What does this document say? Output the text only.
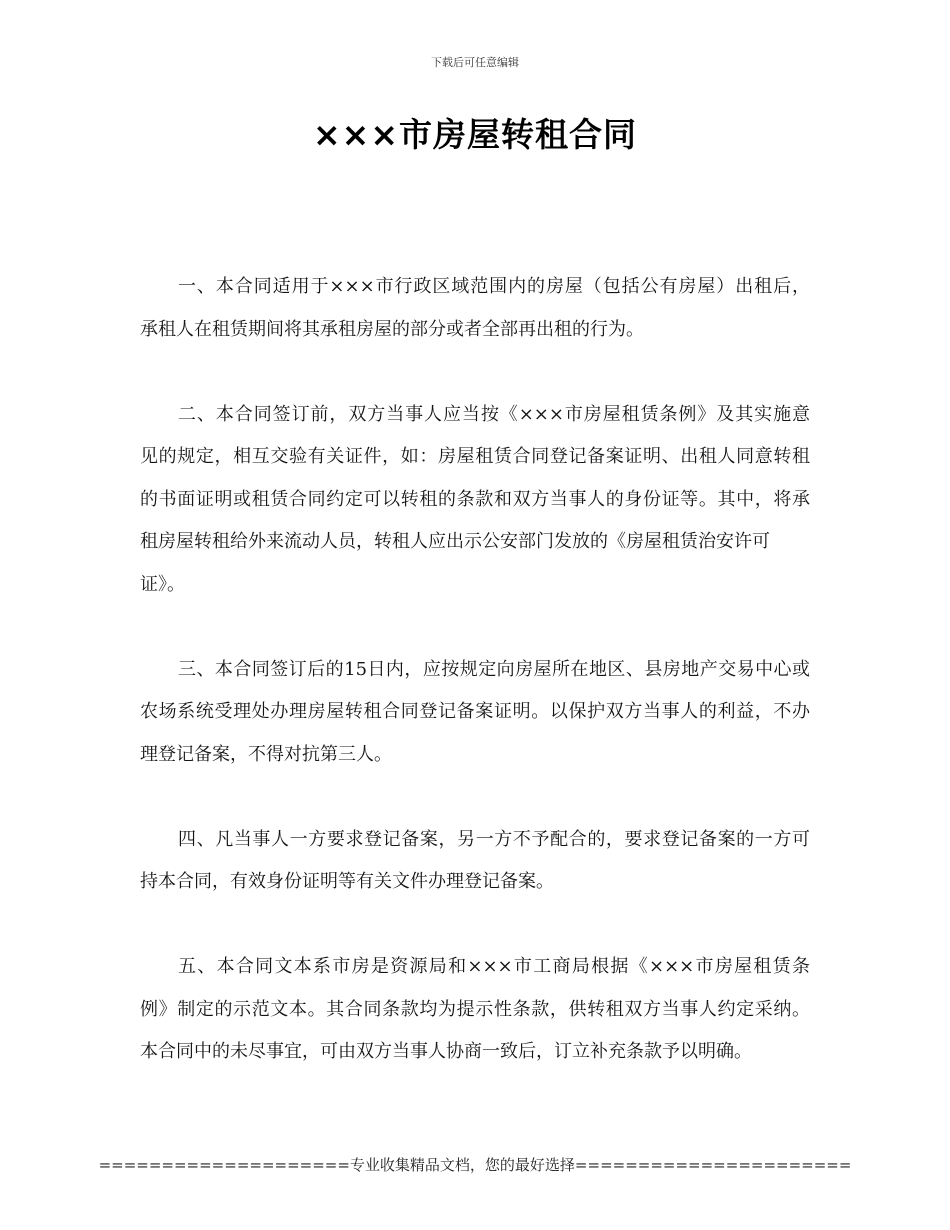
下载后可任意编辑
×××市房屋转租合同
一、本合同适用于×××市行政区域范围内的房屋（包括公有房屋）出租后，
承租人在租赁期间将其承租房屋的部分或者全部再出租的行为。
二、本合同签订前，双方当事人应当按《×××市房屋租赁条例》及其实施意
见的规定，相互交验有关证件，如：房屋租赁合同登记备案证明、出租人同意转租
的书面证明或租赁合同约定可以转租的条款和双方当事人的身份证等。其中，将承
租房屋转租给外来流动人员，转租人应出示公安部门发放的《房屋租赁治安许可
证》。
三、本合同签订后的15日内，应按规定向房屋所在地区、县房地产交易中心或
农场系统受理处办理房屋转租合同登记备案证明。以保护双方当事人的利益，不办
理登记备案，不得对抗第三人。
四、凡当事人一方要求登记备案，另一方不予配合的，要求登记备案的一方可
持本合同，有效身份证明等有关文件办理登记备案。
五、本合同文本系市房是资源局和×××市工商局根据《×××市房屋租赁条
例》制定的示范文本。其合同条款均为提示性条款，供转租双方当事人约定采纳。
本合同中的未尽事宜，可由双方当事人协商一致后，订立补充条款予以明确。
====================专业收集精品文档，您的最好选择======================
